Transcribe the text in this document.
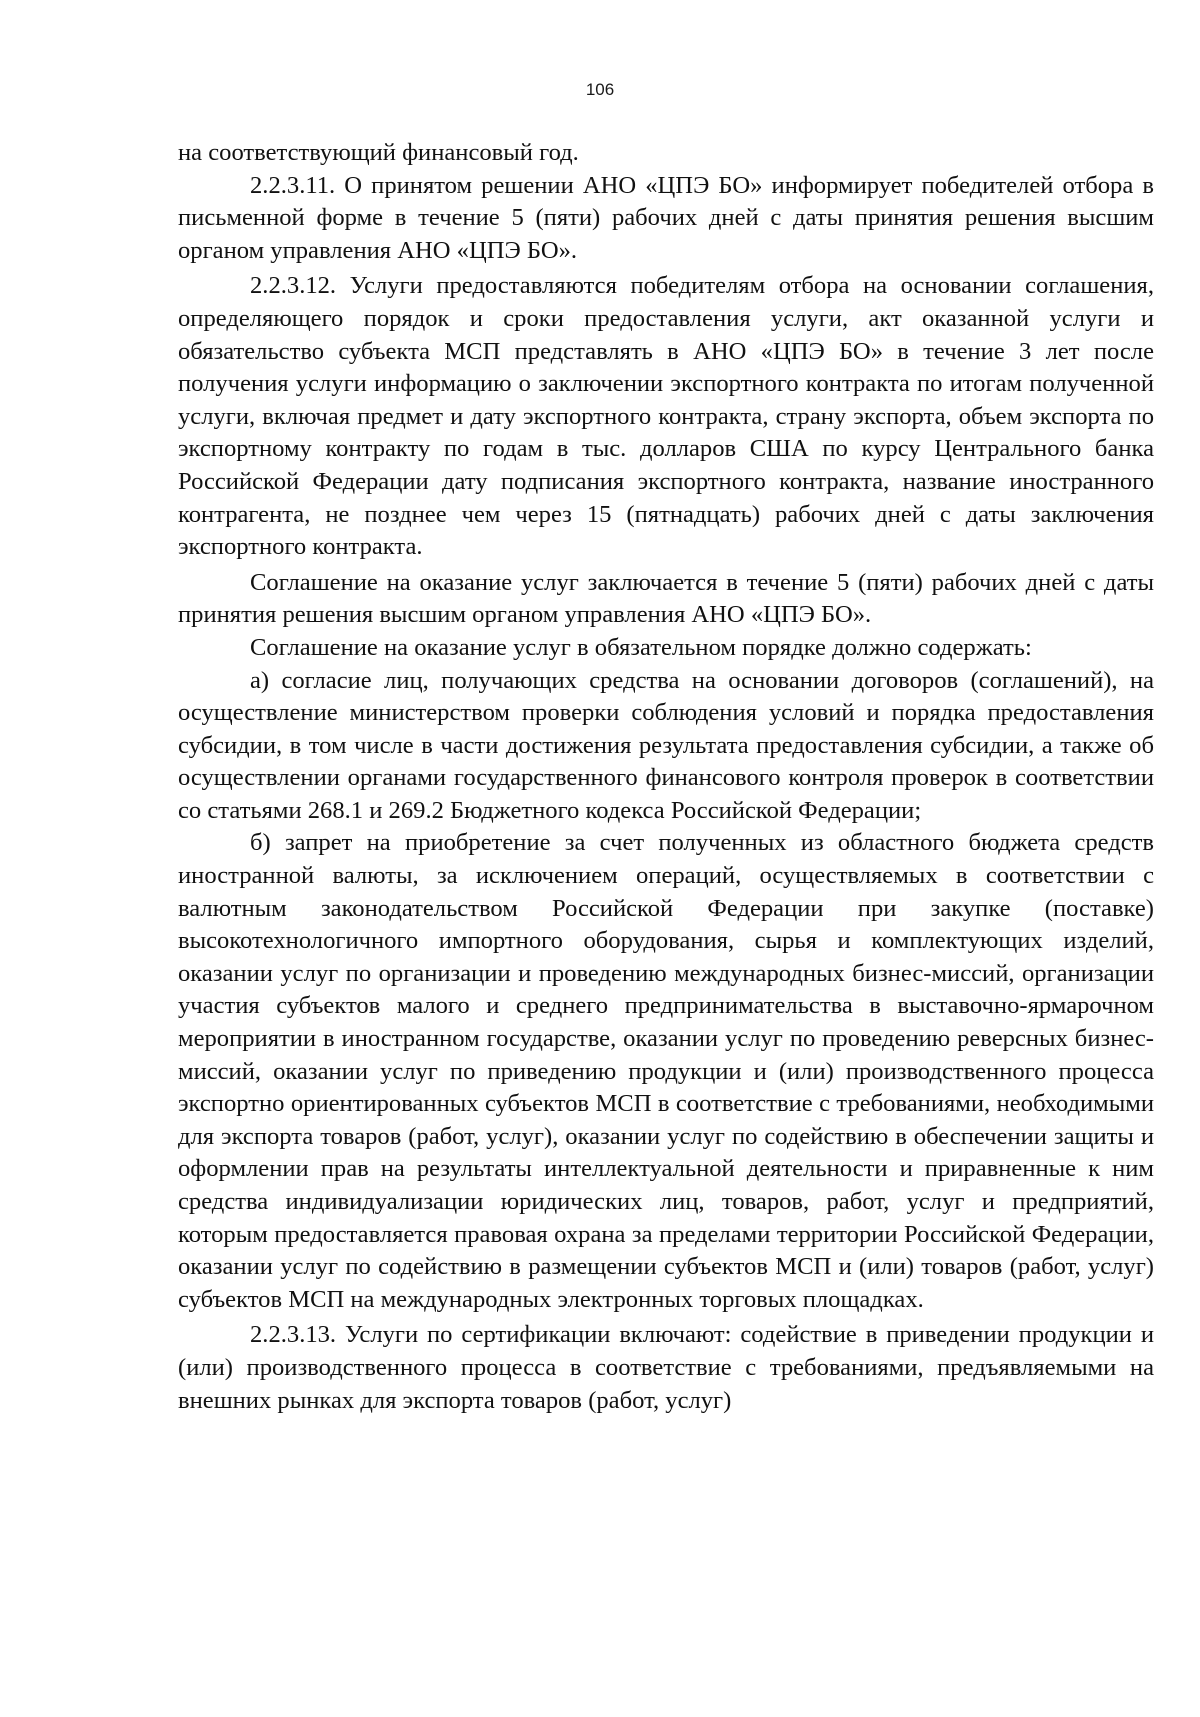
106

на соответствующий финансовый год.

2.2.3.11. О принятом решении АНО «ЦПЭ БО» информирует победителей отбора в письменной форме в течение 5 (пяти) рабочих дней с даты принятия решения высшим органом управления АНО «ЦПЭ БО».

2.2.3.12. Услуги предоставляются победителям отбора на основании соглашения, определяющего порядок и сроки предоставления услуги, акт оказанной услуги и обязательство субъекта МСП представлять в АНО «ЦПЭ БО» в течение 3 лет после получения услуги информацию о заключении экспортного контракта по итогам полученной услуги, включая предмет и дату экспортного контракта, страну экспорта, объем экспорта по экспортному контракту по годам в тыс. долларов США по курсу Центрального банка Российской Федерации дату подписания экспортного контракта, название иностранного контрагента, не позднее чем через 15 (пятнадцать) рабочих дней с даты заключения экспортного контракта.

Соглашение на оказание услуг заключается в течение 5 (пяти) рабочих дней с даты принятия решения высшим органом управления АНО «ЦПЭ БО».

Соглашение на оказание услуг в обязательном порядке должно содержать:

а) согласие лиц, получающих средства на основании договоров (соглашений), на осуществление министерством проверки соблюдения условий и порядка предоставления субсидии, в том числе в части достижения результата предоставления субсидии, а также об осуществлении органами государственного финансового контроля проверок в соответствии со статьями 268.1 и 269.2 Бюджетного кодекса Российской Федерации;

б) запрет на приобретение за счет полученных из областного бюджета средств иностранной валюты, за исключением операций, осуществляемых в соответствии с валютным законодательством Российской Федерации при закупке (поставке) высокотехнологичного импортного оборудования, сырья и комплектующих изделий, оказании услуг по организации и проведению международных бизнес-миссий, организации участия субъектов малого и среднего предпринимательства в выставочно-ярмарочном мероприятии в иностранном государстве, оказании услуг по проведению реверсных бизнес-миссий, оказании услуг по приведению продукции и (или) производственного процесса экспортно ориентированных субъектов МСП в соответствие с требованиями, необходимыми для экспорта товаров (работ, услуг), оказании услуг по содействию в обеспечении защиты и оформлении прав на результаты интеллектуальной деятельности и приравненные к ним средства индивидуализации юридических лиц, товаров, работ, услуг и предприятий, которым предоставляется правовая охрана за пределами территории Российской Федерации, оказании услуг по содействию в размещении субъектов МСП и (или) товаров (работ, услуг) субъектов МСП на международных электронных торговых площадках.

2.2.3.13. Услуги по сертификации включают: содействие в приведении продукции и (или) производственного процесса в соответствие с требованиями, предъявляемыми на внешних рынках для экспорта товаров (работ, услуг)
